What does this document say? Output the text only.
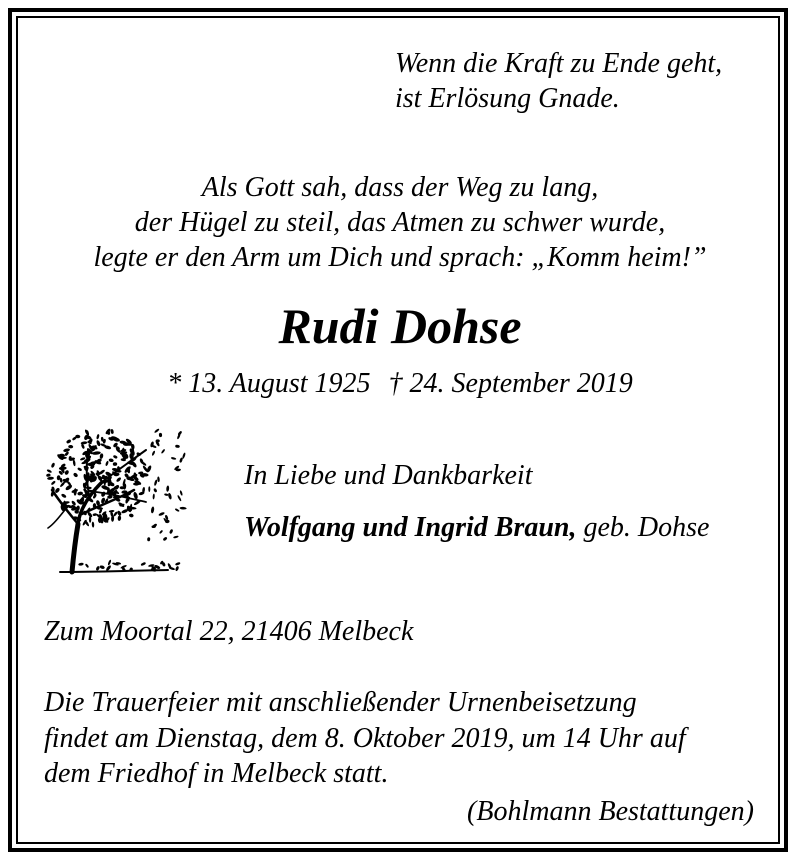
Wenn die Kraft zu Ende geht,
ist Erlösung Gnade.
Als Gott sah, dass der Weg zu lang,
der Hügel zu steil, das Atmen zu schwer wurde,
legte er den Arm um Dich und sprach: „Komm heim!”
Rudi Dohse
* 13. August 1925 † 24. September 2019
In Liebe und Dankbarkeit
Wolfgang und Ingrid Braun, geb. Dohse
Zum Moortal 22, 21406 Melbeck
Die Trauerfeier mit anschließender Urnenbeisetzung
findet am Dienstag, dem 8. Oktober 2019, um 14 Uhr auf
dem Friedhof in Melbeck statt.
(Bohlmann Bestattungen)
